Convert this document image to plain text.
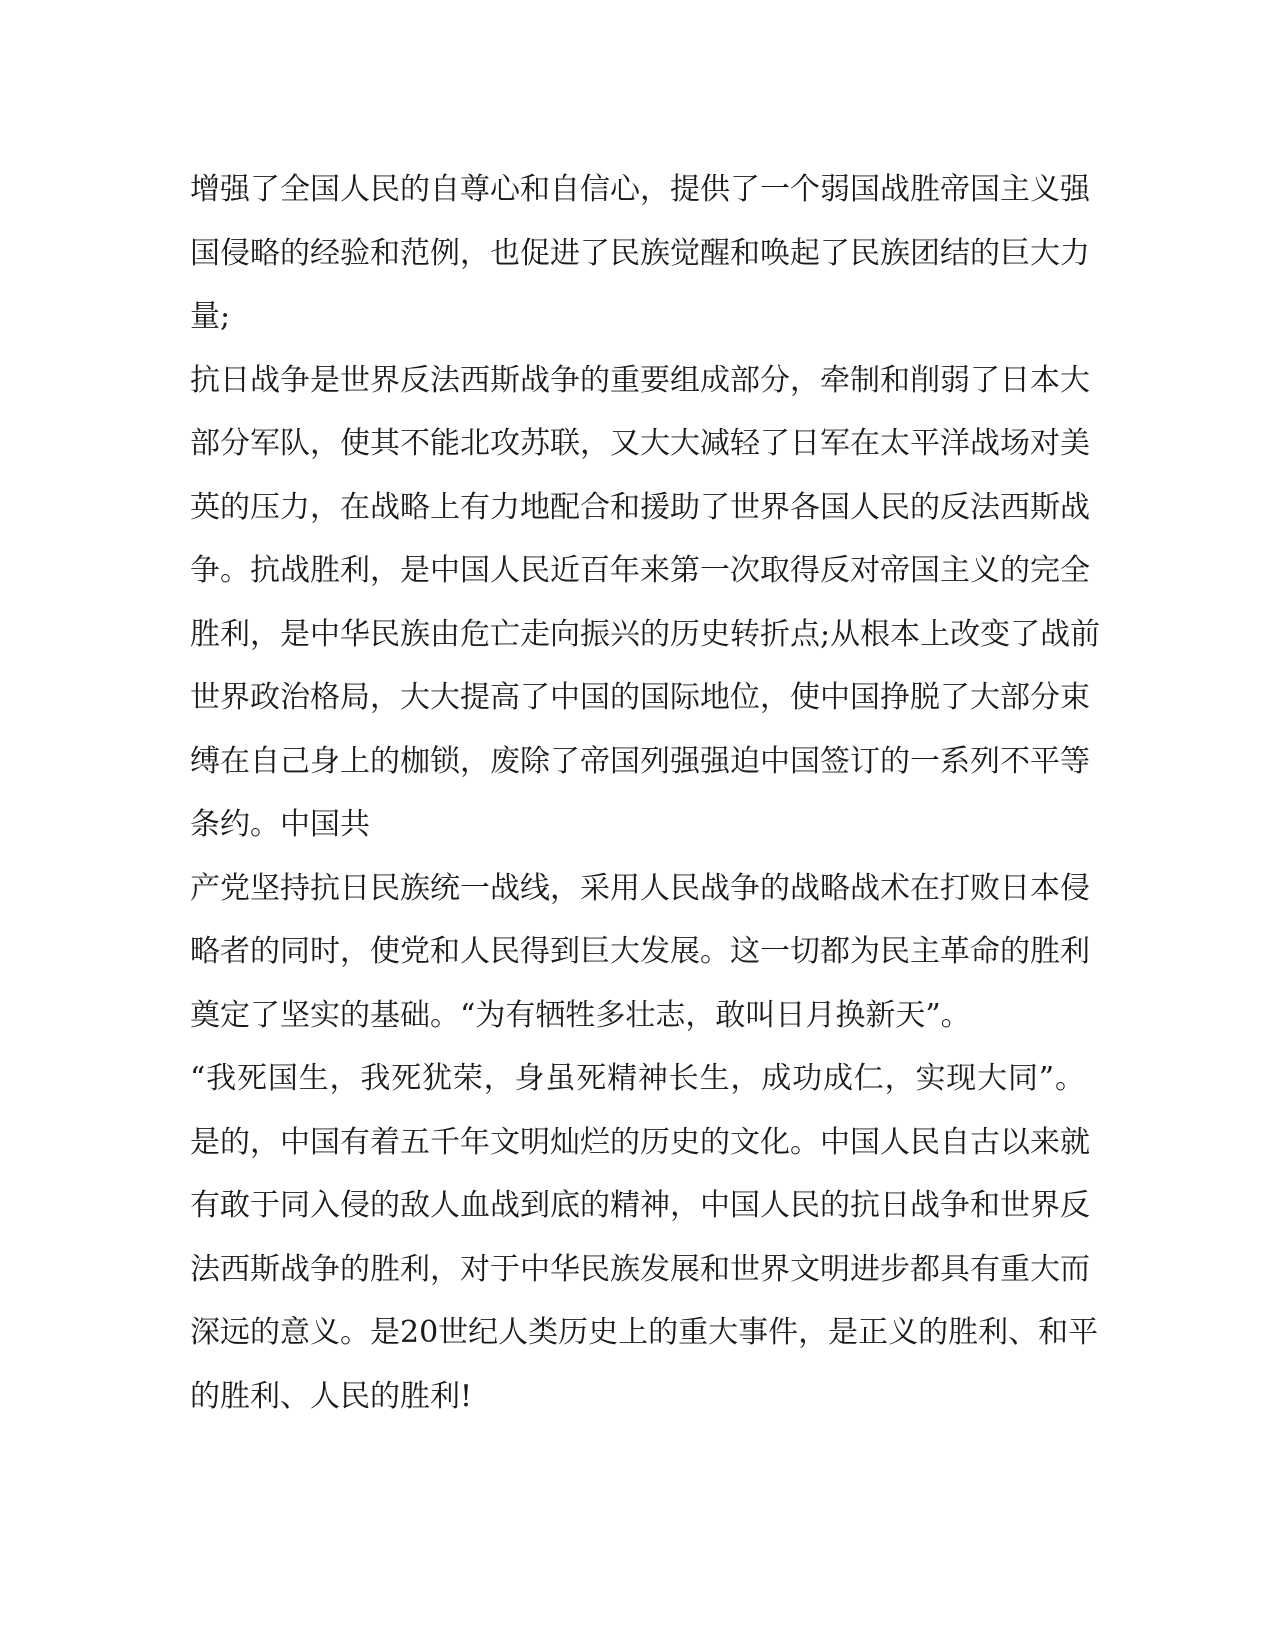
增强了全国人民的自尊心和自信心，提供了一个弱国战胜帝国主义强
国侵略的经验和范例，也促进了民族觉醒和唤起了民族团结的巨大力
量;
抗日战争是世界反法西斯战争的重要组成部分，牵制和削弱了日本大
部分军队，使其不能北攻苏联，又大大减轻了日军在太平洋战场对美
英的压力，在战略上有力地配合和援助了世界各国人民的反法西斯战
争。抗战胜利，是中国人民近百年来第一次取得反对帝国主义的完全
胜利，是中华民族由危亡走向振兴的历史转折点;从根本上改变了战前
世界政治格局，大大提高了中国的国际地位，使中国挣脱了大部分束
缚在自己身上的枷锁，废除了帝国列强强迫中国签订的一系列不平等
条约。中国共
产党坚持抗日民族统一战线，采用人民战争的战略战术在打败日本侵
略者的同时，使党和人民得到巨大发展。这一切都为民主革命的胜利
奠定了坚实的基础。“为有牺牲多壮志，敢叫日月换新天”。
“我死国生，我死犹荣，身虽死精神长生，成功成仁，实现大同”。
是的，中国有着五千年文明灿烂的历史的文化。中国人民自古以来就
有敢于同入侵的敌人血战到底的精神，中国人民的抗日战争和世界反
法西斯战争的胜利，对于中华民族发展和世界文明进步都具有重大而
深远的意义。是20世纪人类历史上的重大事件，是正义的胜利、和平
的胜利、人民的胜利!
